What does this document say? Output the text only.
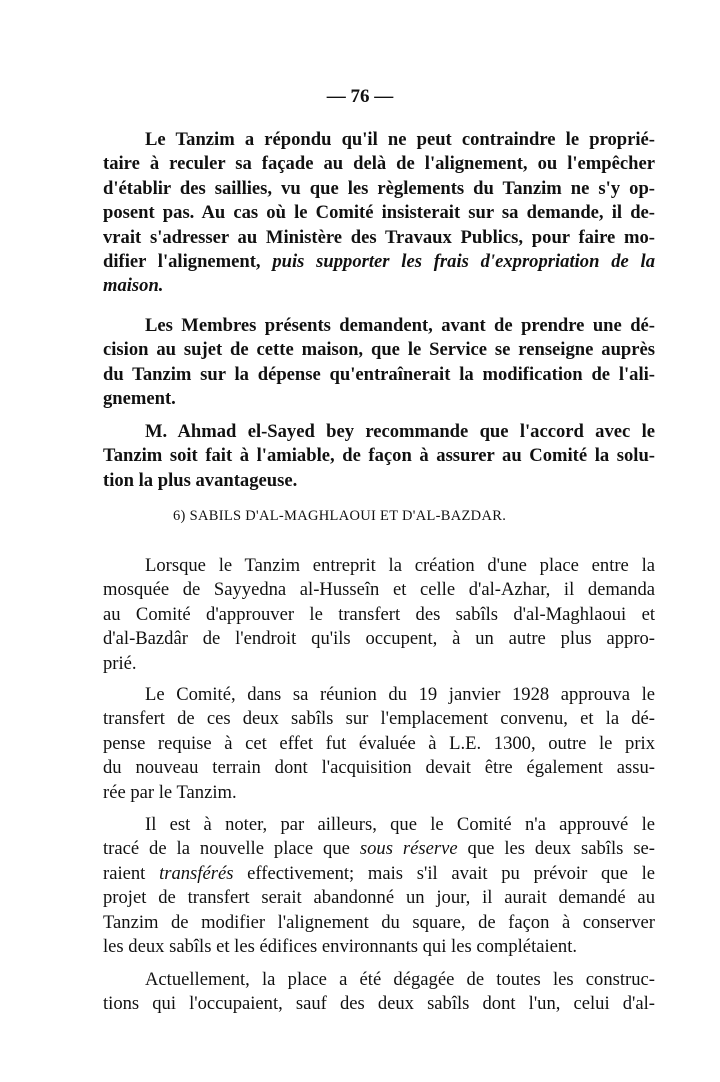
— 76 —
6) SABILS D'AL-MAGHLAOUI ET D'AL-BAZDAR.
Le Tanzim a répondu qu'il ne peut contraindre le proprié-
taire à reculer sa façade au delà de l'alignement, ou l'empêcher
d'établir des saillies, vu que les règlements du Tanzim ne s'y op-
posent pas. Au cas où le Comité insisterait sur sa demande, il de-
vrait s'adresser au Ministère des Travaux Publics, pour faire mo-
difier l'alignement, puis supporter les frais d'expropriation de la
maison.
Les Membres présents demandent, avant de prendre une dé-
cision au sujet de cette maison, que le Service se renseigne auprès
du Tanzim sur la dépense qu'entraînerait la modification de l'ali-
gnement.
M. Ahmad el-Sayed bey recommande que l'accord avec le
Tanzim soit fait à l'amiable, de façon à assurer au Comité la solu-
tion la plus avantageuse.
Lorsque le Tanzim entreprit la création d'une place entre la
mosquée de Sayyedna al-Husseîn et celle d'al-Azhar, il demanda
au Comité d'approuver le transfert des sabîls d'al-Maghlaoui et
d'al-Bazdâr de l'endroit qu'ils occupent, à un autre plus appro-
prié.
Le Comité, dans sa réunion du 19 janvier 1928 approuva le
transfert de ces deux sabîls sur l'emplacement convenu, et la dé-
pense requise à cet effet fut évaluée à L.E. 1300, outre le prix
du nouveau terrain dont l'acquisition devait être également assu-
rée par le Tanzim.
Il est à noter, par ailleurs, que le Comité n'a approuvé le
tracé de la nouvelle place que sous réserve que les deux sabîls se-
raient transférés effectivement; mais s'il avait pu prévoir que le
projet de transfert serait abandonné un jour, il aurait demandé au
Tanzim de modifier l'alignement du square, de façon à conserver
les deux sabîls et les édifices environnants qui les complétaient.
Actuellement, la place a été dégagée de toutes les construc-
tions qui l'occupaient, sauf des deux sabîls dont l'un, celui d'al-
